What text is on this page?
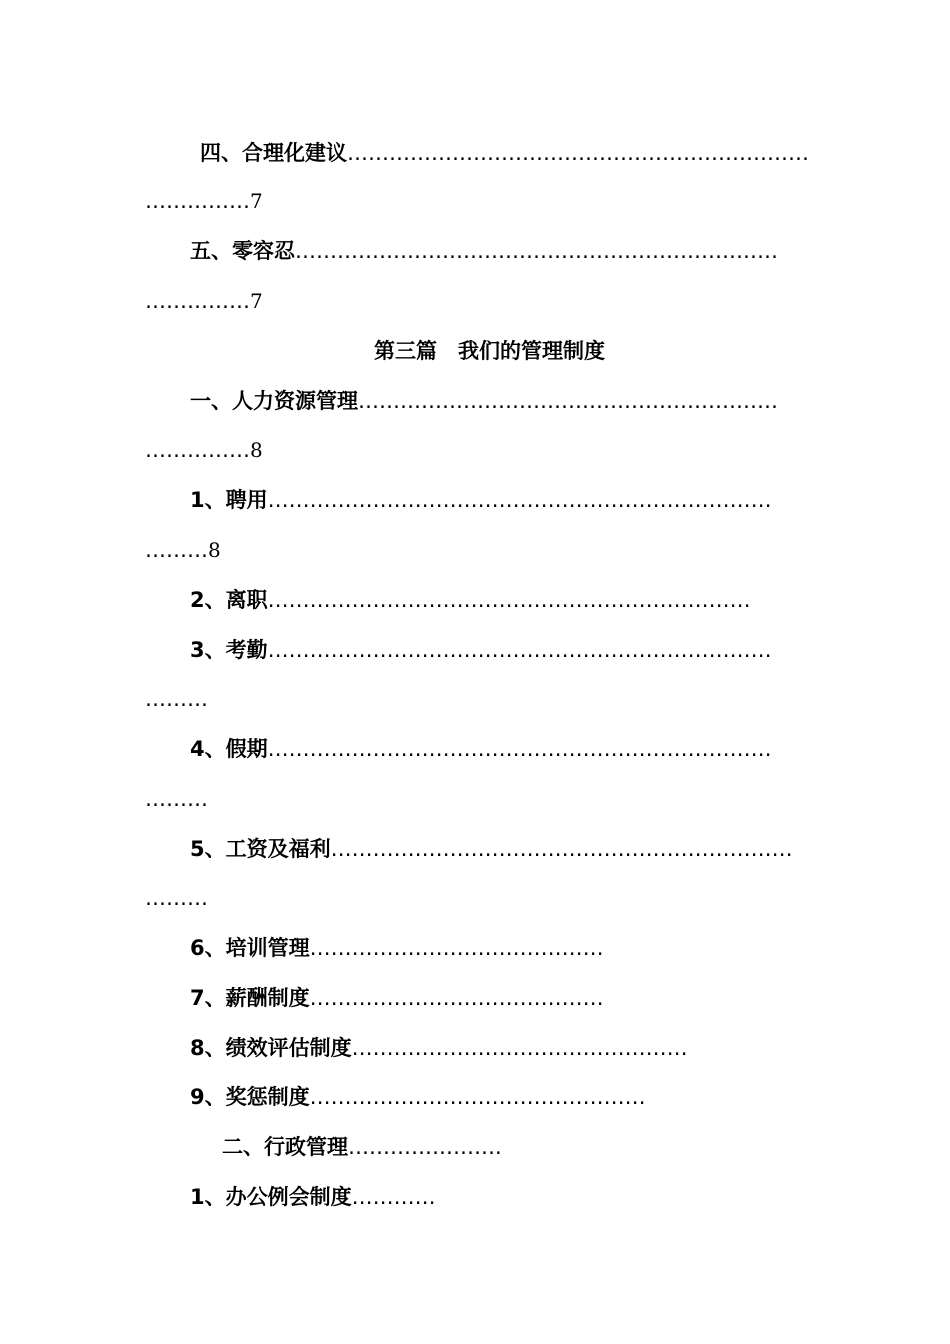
四、合理化建议…………………………………………………………
……………7
五、零容忍……………………………………………………………
……………7
第三篇　我们的管理制度
一、人力资源管理……………………………………………………
……………8
1、聘用………………………………………………………………
………8
2、离职……………………………………………………………
3、考勤………………………………………………………………
………
4、假期………………………………………………………………
………
5、工资及福利…………………………………………………………
………
6、培训管理……………………………………
7、薪酬制度……………………………………
8、绩效评估制度…………………………………………
9、奖惩制度…………………………………………
二、行政管理………………….
1、办公例会制度…………
